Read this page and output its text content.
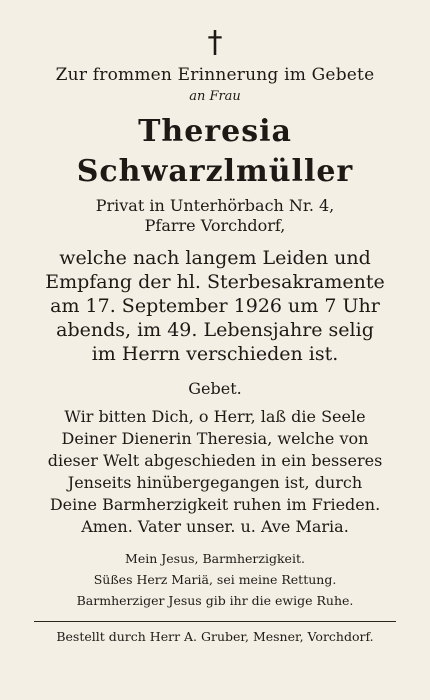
†
Zur frommen Erinnerung im Gebete
an Frau
Theresia Schwarzlmüller
Privat in Unterhörbach Nr. 4,
Pfarre Vorchdorf,
welche nach langem Leiden und
Empfang der hl. Sterbesakramente
am 17. September 1926 um 7 Uhr
abends, im 49. Lebensjahre selig
im Herrn verschieden ist.
Gebet.
Wir bitten Dich, o Herr, laß die Seele
Deiner Dienerin Theresia, welche von
dieser Welt abgeschieden in ein besseres
Jenseits hinübergegangen ist, durch
Deine Barmherzigkeit ruhen im Frieden.
Amen. Vater unser. u. Ave Maria.
Mein Jesus, Barmherzigkeit.
Süßes Herz Mariä, sei meine Rettung.
Barmherziger Jesus gib ihr die ewige Ruhe.
Bestellt durch Herr A. Gruber, Mesner, Vorchdorf.
